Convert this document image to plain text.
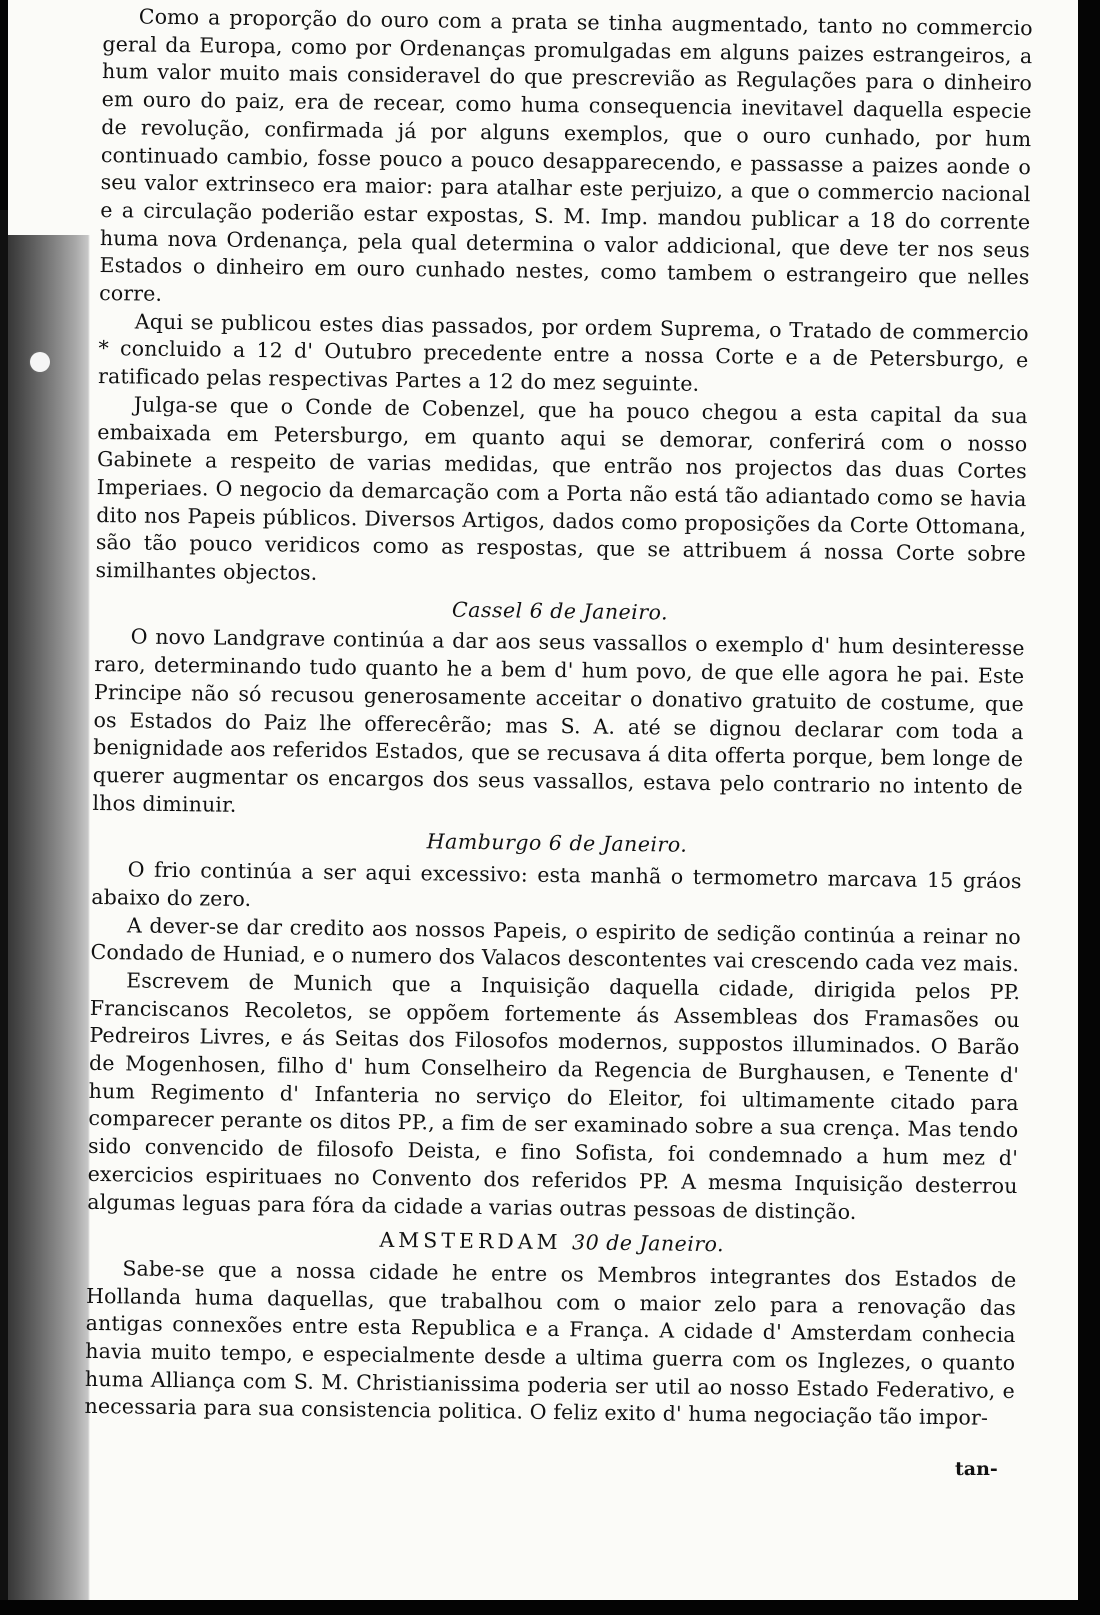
Como a proporção do ouro com a prata se tinha augmentado, tanto no commercio geral da Europa, como por Ordenanças promulgadas em alguns paizes estrangeiros, a hum valor muito mais consideravel do que prescrevião as Regulações para o dinheiro em ouro do paiz, era de recear, como huma consequencia inevitavel daquella especie de revolução, confirmada já por alguns exemplos, que o ouro cunhado, por hum continuado cambio, fosse pouco a pouco desapparecendo, e passasse a paizes aonde o seu valor extrinseco era maior: para atalhar este perjuizo, a que o commercio nacional e a circulação poderião estar expostas, S. M. Imp. mandou publicar a 18 do corrente huma nova Ordenança, pela qual determina o valor addicional, que deve ter nos seus Estados o dinheiro em ouro cunhado nestes, como tambem o estrangeiro que nelles corre.

Aqui se publicou estes dias passados, por ordem Suprema, o Tratado de commercio * concluido a 12 d' Outubro precedente entre a nossa Corte e a de Petersburgo, e ratificado pelas respectivas Partes a 12 do mez seguinte.

Julga-se que o Conde de Cobenzel, que ha pouco chegou a esta capital da sua embaixada em Petersburgo, em quanto aqui se demorar, conferirá com o nosso Gabinete a respeito de varias medidas, que entrão nos projectos das duas Cortes Imperiaes. O negocio da demarcação com a Porta não está tão adiantado como se havia dito nos Papeis públicos. Diversos Artigos, dados como proposições da Corte Ottomana, são tão pouco veridicos como as respostas, que se attribuem á nossa Corte sobre similhantes objectos.

Cassel 6 de Janeiro.

O novo Landgrave continúa a dar aos seus vassallos o exemplo d' hum desinteresse raro, determinando tudo quanto he a bem d' hum povo, de que elle agora he pai. Este Principe não só recusou generosamente acceitar o donativo gratuito de costume, que os Estados do Paiz lhe offerecêrão; mas S. A. até se dignou declarar com toda a benignidade aos referidos Estados, que se recusava á dita offerta porque, bem longe de querer augmentar os encargos dos seus vassallos, estava pelo contrario no intento de lhos diminuir.

Hamburgo 6 de Janeiro.

O frio continúa a ser aqui excessivo: esta manhã o termometro marcava 15 gráos abaixo do zero.

A dever-se dar credito aos nossos Papeis, o espirito de sedição continúa a reinar no Condado de Huniad, e o numero dos Valacos descontentes vai crescendo cada vez mais.

Escrevem de Munich que a Inquisição daquella cidade, dirigida pelos PP. Franciscanos Recoletos, se oppõem fortemente ás Assembleas dos Framasões ou Pedreiros Livres, e ás Seitas dos Filosofos modernos, suppostos illuminados. O Barão de Mogenhosen, filho d' hum Conselheiro da Regencia de Burghausen, e Tenente d' hum Regimento d' Infanteria no serviço do Eleitor, foi ultimamente citado para comparecer perante os ditos PP., a fim de ser examinado sobre a sua crença. Mas tendo sido convencido de filosofo Deista, e fino Sofista, foi condemnado a hum mez d' exercicios espirituaes no Convento dos referidos PP. A mesma Inquisição desterrou algumas leguas para fóra da cidade a varias outras pessoas de distinção.

AMSTERDAM 30 de Janeiro.

Sabe-se que a nossa cidade he entre os Membros integrantes dos Estados de Hollanda huma daquellas, que trabalhou com o maior zelo para a renovação das antigas connexões entre esta Republica e a França. A cidade d' Amsterdam conhecia havia muito tempo, e especialmente desde a ultima guerra com os Inglezes, o quanto huma Alliança com S. M. Christianissima poderia ser util ao nosso Estado Federativo, e necessaria para sua consistencia politica. O feliz exito d' huma negociação tão impor-

tan-
